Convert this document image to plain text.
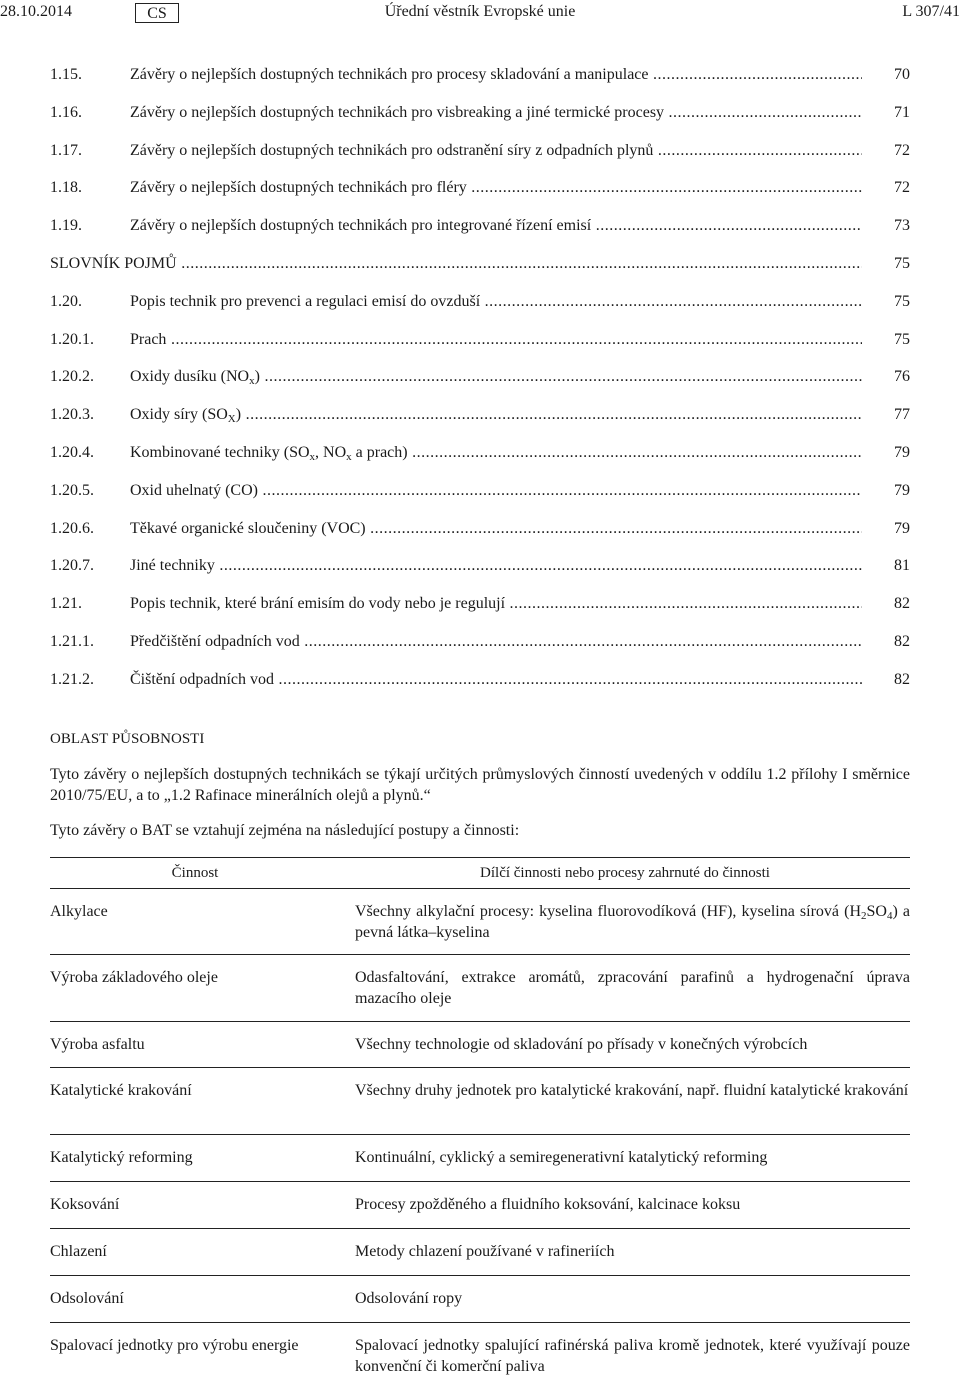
28.10.2014	Úřední věstník Evropské unie
CS	L 307/41
1.15.	Závěry o nejlepších dostupných technikách pro procesy skladování a manipulace .....	70
1.16.	Závěry o nejlepších dostupných technikách pro visbreaking a jiné termické procesy .....	71
1.17.	Závěry o nejlepších dostupných technikách pro odstranění síry z odpadních plynů .....	72
1.18.	Závěry o nejlepších dostupných technikách pro fléry .....	72
1.19.	Závěry o nejlepších dostupných technikách pro integrované řízení emisí .....	73
SLOVNÍK POJMŮ .....	75
1.20.	Popis technik pro prevenci a regulaci emisí do ovzduší .....	75
1.20.1. Prach .....	75
1.20.2. Oxidy dusíku $(NO_x)$ .....	76
1.20.3. Oxidy síry $(SO_X)$ .....	77
1.20.4. Kombinované techniky ($SO_x$, $NO_x$ a prach) .....	79
1.20.5. Oxid uhelnatý (CO) .....	79
1.20.6. Těkavé organické sloučeniny (VOC) .....	79
1.20.7. Jiné techniky .....	81
1.21.	Popis technik, které brání emisím do vody nebo je regulují .....	82
1.21.1. Předčištění odpadních vod .....	82
1.21.2. Čištění odpadních vod .....	82
OBLAST PŮSOBNOSTI

Tyto závěry o nejlepších dostupných technikách se týkají určitých průmyslových činností uvedených v oddílu 1.2 přílohy I směrnice 2010/75/EU, a to „1.2 Rafinace minerálních olejů a plynů.“

Tyto závěry o BAT se vztahují zejména na následující postupy a činnosti:

Činnost	Dílčí činnosti nebo procesy zahrnuté do činnosti
Alkylace	Všechny alkylační procesy: kyselina fluorovodíková (HF), kyselina sírová $(H_2SO_4)$ a pevná látka–kyselina
Výroba základového oleje	Odasfaltování, extrakce aromátů, zpracování parafinů a hydrogenační úprava mazacího oleje
Výroba asfaltu	Všechny technologie od skladování po přísady v konečných výrobcích
Katalytické krakování	Všechny druhy jednotek pro katalytické krakování, např. fluidní katalytické krakování
Katalytický reforming	Kontinuální, cyklický a semiregenerativní katalytický reforming
Koksování	Procesy zpožděného a fluidního koksování, kalcinace koksu
Chlazení	Metody chlazení používané v rafineriích
Odsolování	Odsolování ropy
Spalovací jednotky pro výrobu energie	Spalovací jednotky spalující rafinérská paliva kromě jednotek, které využívají pouze konvenční či komerční paliva
